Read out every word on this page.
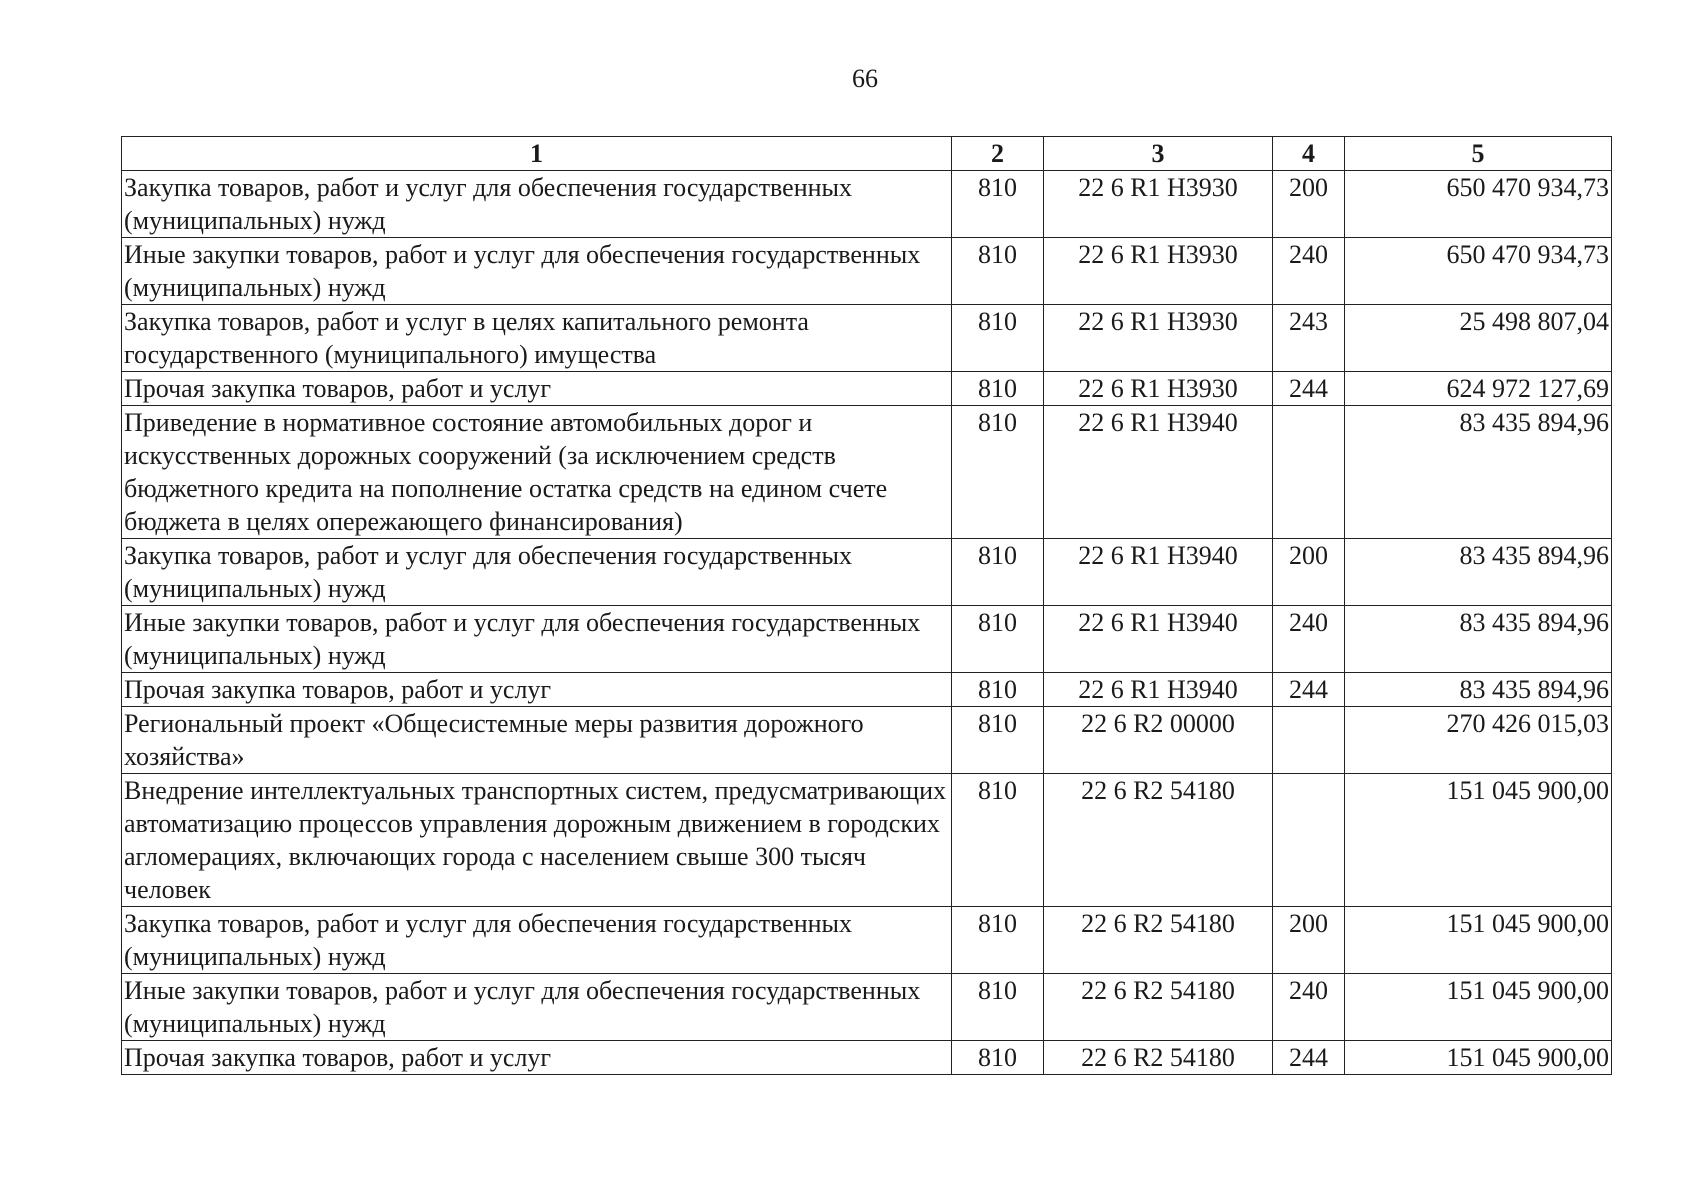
66
1	2	3	4	5
Закупка товаров, работ и услуг для обеспечения государственных (муниципальных) нужд	810	22 6 R1 Н3930	200	650 470 934,73
Иные закупки товаров, работ и услуг для обеспечения государственных (муниципальных) нужд	810	22 6 R1 Н3930	240	650 470 934,73
Закупка товаров, работ и услуг в целях капитального ремонта государственного (муниципального) имущества	810	22 6 R1 Н3930	243	25 498 807,04
Прочая закупка товаров, работ и услуг	810	22 6 R1 Н3930	244	624 972 127,69
Приведение в нормативное состояние автомобильных дорог и искусственных дорожных сооружений (за исключением средств бюджетного кредита на пополнение остатка средств на едином счете бюджета в целях опережающего финансирования)	810	22 6 R1 Н3940		83 435 894,96
Закупка товаров, работ и услуг для обеспечения государственных (муниципальных) нужд	810	22 6 R1 Н3940	200	83 435 894,96
Иные закупки товаров, работ и услуг для обеспечения государственных (муниципальных) нужд	810	22 6 R1 Н3940	240	83 435 894,96
Прочая закупка товаров, работ и услуг	810	22 6 R1 Н3940	244	83 435 894,96
Региональный проект «Общесистемные меры развития дорожного хозяйства»	810	22 6 R2 00000		270 426 015,03
Внедрение интеллектуальных транспортных систем, предусматривающих автоматизацию процессов управления дорожным движением в городских агломерациях, включающих города с населением свыше 300 тысяч человек	810	22 6 R2 54180		151 045 900,00
Закупка товаров, работ и услуг для обеспечения государственных (муниципальных) нужд	810	22 6 R2 54180	200	151 045 900,00
Иные закупки товаров, работ и услуг для обеспечения государственных (муниципальных) нужд	810	22 6 R2 54180	240	151 045 900,00
Прочая закупка товаров, работ и услуг	810	22 6 R2 54180	244	151 045 900,00
